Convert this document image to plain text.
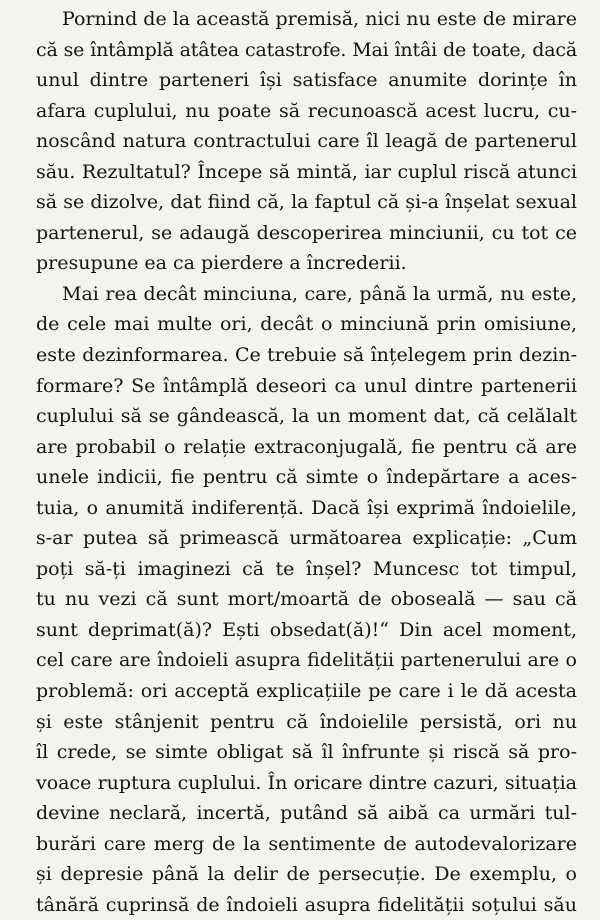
Pornind de la această premisă, nici nu este de mirare
că se întâmplă atâtea catastrofe. Mai întâi de toate, dacă
unul dintre parteneri își satisface anumite dorințe în
afara cuplului, nu poate să recunoască acest lucru, cu-
noscând natura contractului care îl leagă de partenerul
său. Rezultatul? Începe să mintă, iar cuplul riscă atunci
să se dizolve, dat fiind că, la faptul că și-a înșelat sexual
partenerul, se adaugă descoperirea minciunii, cu tot ce
presupune ea ca pierdere a încrederii.
Mai rea decât minciuna, care, până la urmă, nu este,
de cele mai multe ori, decât o minciună prin omisiune,
este dezinformarea. Ce trebuie să înțelegem prin dezin-
formare? Se întâmplă deseori ca unul dintre partenerii
cuplului să se gândească, la un moment dat, că celălalt
are probabil o relație extraconjugală, fie pentru că are
unele indicii, fie pentru că simte o îndepărtare a aces-
tuia, o anumită indiferență. Dacă își exprimă îndoielile,
s-ar putea să primească următoarea explicație: „Cum
poți să-ți imaginezi că te înșel? Muncesc tot timpul,
tu nu vezi că sunt mort/moartă de oboseală — sau că
sunt deprimat(ă)? Ești obsedat(ă)!“ Din acel moment,
cel care are îndoieli asupra fidelității partenerului are o
problemă: ori acceptă explicațiile pe care i le dă acesta
și este stânjenit pentru că îndoielile persistă, ori nu
îl crede, se simte obligat să îl înfrunte și riscă să pro-
voace ruptura cuplului. În oricare dintre cazuri, situația
devine neclară, incertă, putând să aibă ca urmări tul-
burări care merg de la sentimente de autodevalorizare
și depresie până la delir de persecuție. De exemplu, o
tânără cuprinsă de îndoieli asupra fidelității soțului său
